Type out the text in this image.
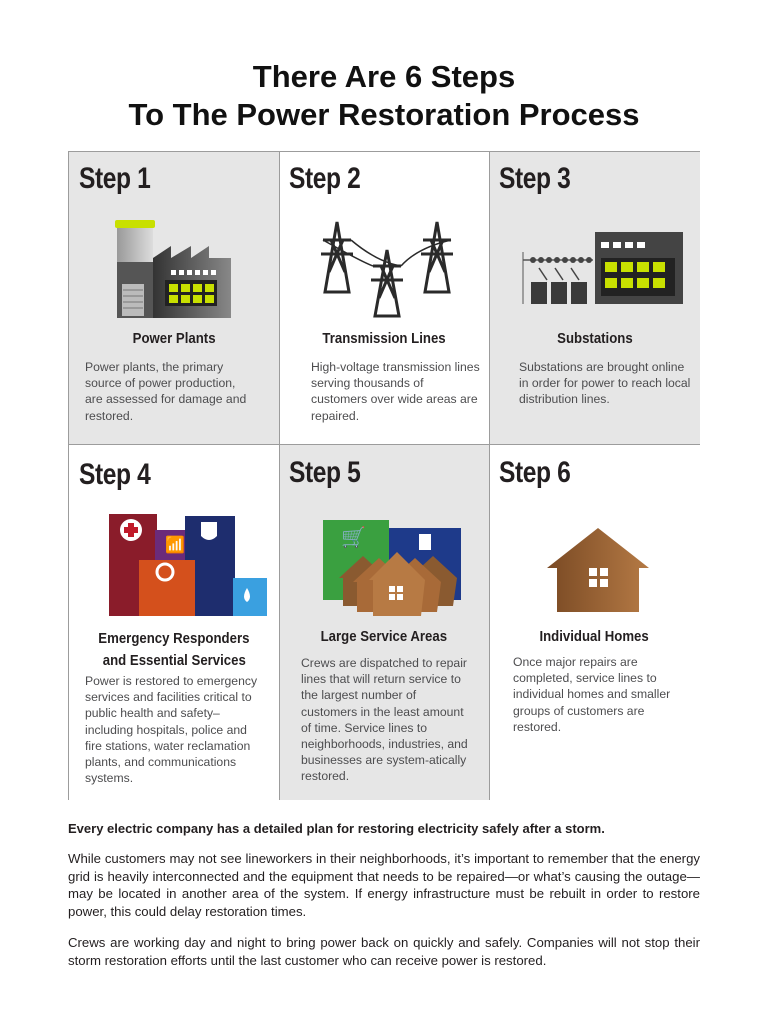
There Are 6 Steps
To The Power Restoration Process
Step 1
Power Plants
Power plants, the primary source of power production, are assessed for damage and restored.
Step 2
Transmission Lines
High-voltage transmission lines serving thousands of customers over wide areas are repaired.
Step 3
Substations
Substations are brought online in order for power to reach local distribution lines.
Step 4
📶
Emergency Responders
and Essential Services
Power is restored to emergency services and facilities critical to public health and safety– including hospitals, police and fire stations, water reclamation plants, and communications systems.
Step 5
🛒
Large Service Areas
Crews are dispatched to repair lines that will return service to the largest number of customers in the least amount of time. Service lines to neighborhoods, industries, and businesses are system-atically restored.
Step 6
Individual Homes
Once major repairs are completed, service lines to individual homes and smaller groups of customers are restored.
Every electric company has a detailed plan for restoring electricity safely after a storm.
While customers may not see lineworkers in their neighborhoods, it’s important to remember that the energy grid is heavily interconnected and the equipment that needs to be repaired—or what’s causing the outage—may be located in another area of the system. If energy infrastructure must be rebuilt in order to restore power, this could delay restoration times.
Crews are working day and night to bring power back on quickly and safely. Companies will not stop their storm restoration efforts until the last customer who can receive power is restored.
